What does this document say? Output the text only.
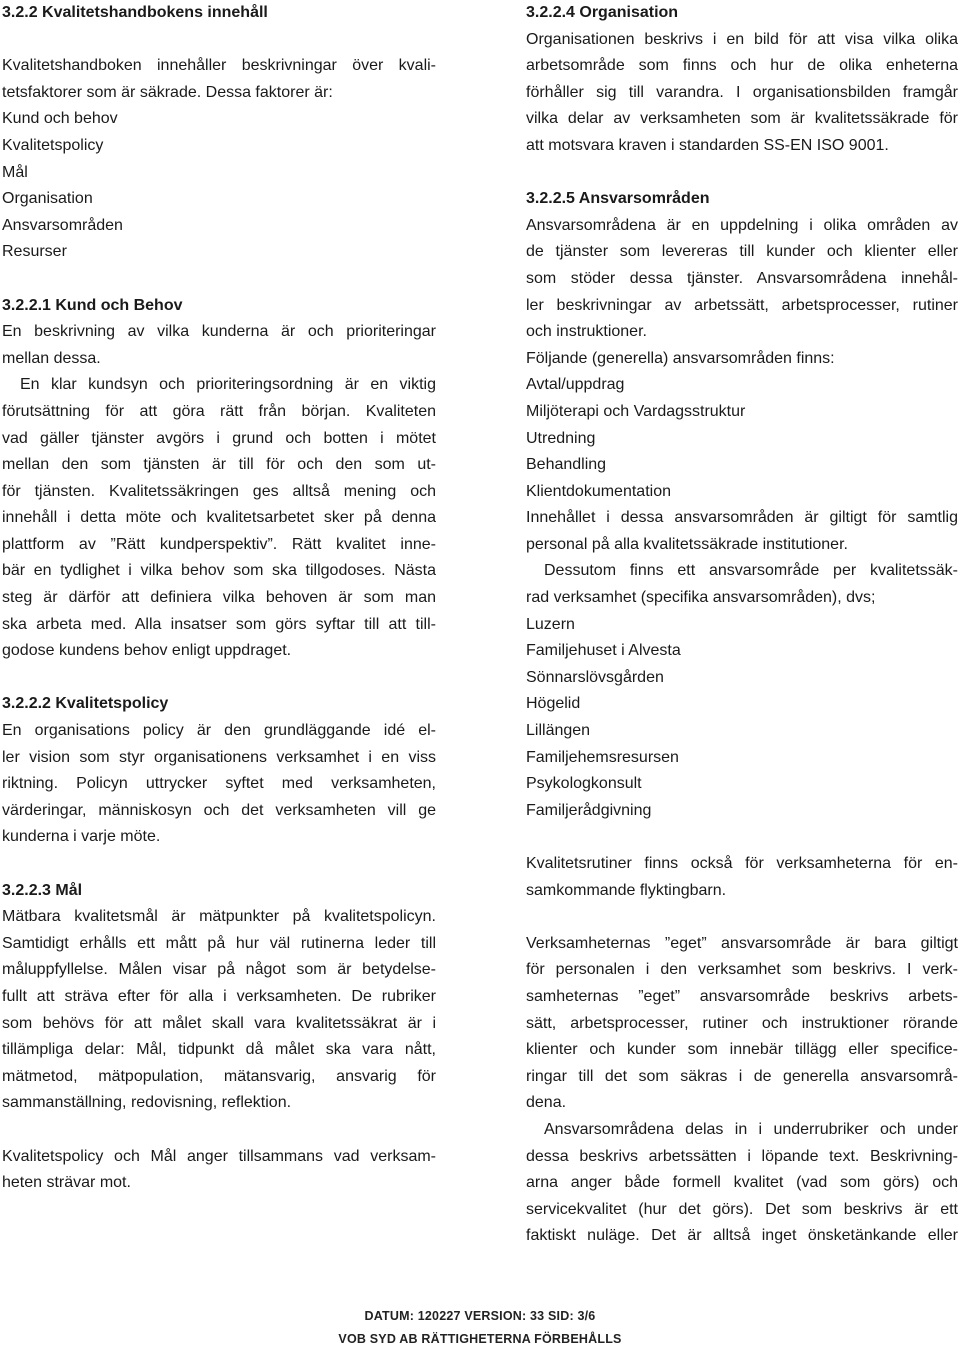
3.2.2 Kvalitetshandbokens innehåll
Kvalitetshandboken innehåller beskrivningar över kvali-
tetsfaktorer som är säkrade. Dessa faktorer är:
Kund och behov
Kvalitetspolicy
Mål
Organisation
Ansvarsområden
Resurser
3.2.2.1 Kund och Behov
En beskrivning av vilka kunderna är och prioriteringar
mellan dessa.
En klar kundsyn och prioriteringsordning är en viktig
förutsättning för att göra rätt från början. Kvaliteten
vad gäller tjänster avgörs i grund och botten i mötet
mellan den som tjänsten är till för och den som ut-
för tjänsten. Kvalitetssäkringen ges alltså mening och
innehåll i detta möte och kvalitetsarbetet sker på denna
plattform av ”Rätt kundperspektiv”. Rätt kvalitet inne-
bär en tydlighet i vilka behov som ska tillgodoses. Nästa
steg är därför att definiera vilka behoven är som man
ska arbeta med. Alla insatser som görs syftar till att till-
godose kundens behov enligt uppdraget.
3.2.2.2 Kvalitetspolicy
En organisations policy är den grundläggande idé el-
ler vision som styr organisationens verksamhet i en viss
riktning. Policyn uttrycker syftet med verksamheten,
värderingar, människosyn och det verksamheten vill ge
kunderna i varje möte.
3.2.2.3 Mål
Mätbara kvalitetsmål är mätpunkter på kvalitetspolicyn.
Samtidigt erhålls ett mått på hur väl rutinerna leder till
måluppfyllelse. Målen visar på något som är betydelse-
fullt att sträva efter för alla i verksamheten. De rubriker
som behövs för att målet skall vara kvalitetssäkrat är i
tillämpliga delar: Mål, tidpunkt då målet ska vara nått,
mätmetod, mätpopulation, mätansvarig, ansvarig för
sammanställning, redovisning, reflektion.
Kvalitetspolicy och Mål anger tillsammans vad verksam-
heten strävar mot.
3.2.2.4 Organisation
Organisationen beskrivs i en bild för att visa vilka olika
arbetsområde som finns och hur de olika enheterna
förhåller sig till varandra. I organisationsbilden framgår
vilka delar av verksamheten som är kvalitetssäkrade för
att motsvara kraven i standarden SS-EN ISO 9001.
3.2.2.5 Ansvarsområden
Ansvarsområdena är en uppdelning i olika områden av
de tjänster som levereras till kunder och klienter eller
som stöder dessa tjänster. Ansvarsområdena innehål-
ler beskrivningar av arbetssätt, arbetsprocesser, rutiner
och instruktioner.
Följande (generella) ansvarsområden finns:
Avtal/uppdrag
Miljöterapi och Vardagsstruktur
Utredning
Behandling
Klientdokumentation
Innehållet i dessa ansvarsområden är giltigt för samtlig
personal på alla kvalitetssäkrade institutioner.
Dessutom finns ett ansvarsområde per kvalitetssäk-
rad verksamhet (specifika ansvarsområden), dvs;
Luzern
Familjehuset i Alvesta
Sönnarslövsgården
Högelid
Lillängen
Familjehemsresursen
Psykologkonsult
Familjerådgivning
Kvalitetsrutiner finns också för verksamheterna för en-
samkommande flyktingbarn.
Verksamheternas ”eget” ansvarsområde är bara giltigt
för personalen i den verksamhet som beskrivs. I verk-
samheternas ”eget” ansvarsområde beskrivs arbets-
sätt, arbetsprocesser, rutiner och instruktioner rörande
klienter och kunder som innebär tillägg eller specifice-
ringar till det som säkras i de generella ansvarsområ-
dena.
Ansvarsområdena delas in i underrubriker och under
dessa beskrivs arbetssätten i löpande text. Beskrivning-
arna anger både formell kvalitet (vad som görs) och
servicekvalitet (hur det görs). Det som beskrivs är ett
faktiskt nuläge. Det är alltså inget önsketänkande eller
DATUM: 120227 VERSION: 33 SID: 3/6
VOB SYD AB RÄTTIGHETERNA FÖRBEHÅLLS
